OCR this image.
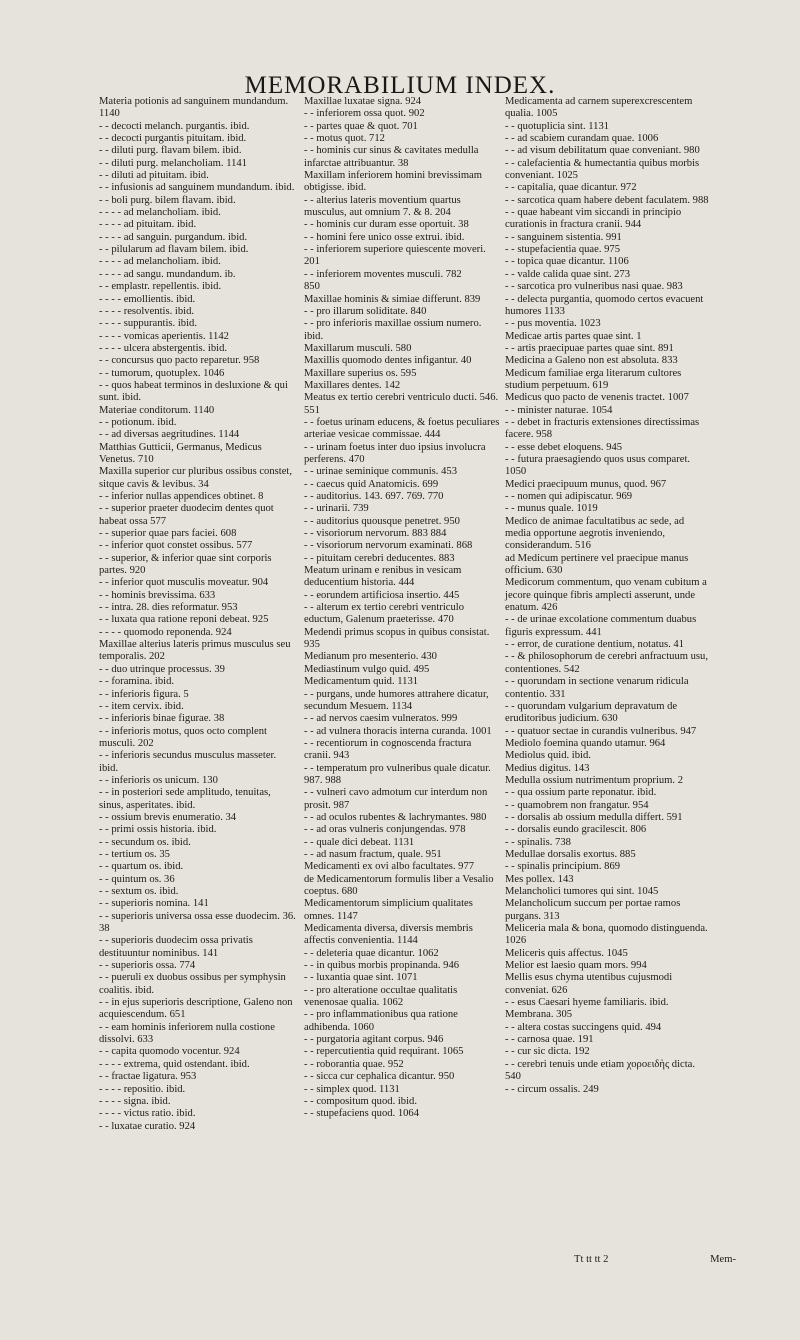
MEMORABILIUM INDEX.
Materia potionis ad sanguinem mundandum. 1140
- - decocti melanch. purgantis. ibid.
- - decocti purgantis pituitam. ibid.
- - diluti purg. flavam bilem. ibid.
- - diluti purg. melancholiam. 1141
- - diluti ad pituitam. ibid.
- - infusionis ad sanguinem mundandum. ibid.
- - boli purg. bilem flavam. ibid.
- - - - ad melancholiam. ibid.
- - - - ad pituitam. ibid.
- - - - ad sanguin. purgandum. ibid.
- - pilularum ad flavam bilem. ibid.
- - - - ad melancholiam. ibid.
- - - - ad sangu. mundandum. ib.
- - emplastr. repellentis. ibid.
- - - - emollientis. ibid.
- - - - resolventis. ibid.
- - - - suppurantis. ibid.
- - - - vomicas aperientis. 1142
- - - - ulcera abstergentis. ibid.
- - concursus quo pacto reparetur. 958
- - tumorum, quotuplex. 1046
- - quos habeat terminos in desluxione & qui sunt. ibid.
Materiae conditorum. 1140
- - potionum. ibid.
- - ad diversas aegritudines. 1144
Matthias Gutticii, Germanus, Medicus Venetus. 710
Maxilla superior cur pluribus ossibus constet, sitque cavis & levibus. 34
- - inferior nullas appendices obtinet. 8
- - superior praeter duodecim dentes quot habeat ossa 577
- - superior quae pars faciei. 608
- - inferior quot constet ossibus. 577
- - superior, & inferior quae sint corporis partes. 920
- - inferior quot musculis moveatur. 904
- - hominis brevissima. 633
- - intra. 28. dies reformatur. 953
- - luxata qua ratione reponi debeat. 925
- - - - quomodo reponenda. 924
Maxillae alterius lateris primus musculus seu temporalis. 202
- - duo utrinque processus. 39
- - foramina. ibid.
- - inferioris figura. 5
- - item cervix. ibid.
- - inferioris binae figurae. 38
- - inferioris motus, quos octo complent musculi. 202
- - inferioris secundus musculus masseter. ibid.
- - inferioris os unicum. 130
- - in posteriori sede amplitudo, tenuitas, sinus, asperitates. ibid.
- - ossium brevis enumeratio. 34
- - primi ossis historia. ibid.
- - secundum os. ibid.
- - tertium os. 35
- - quartum os. ibid.
- - quintum os. 36
- - sextum os. ibid.
- - superioris nomina. 141
- - superioris universa ossa esse duodecim. 36. 38
- - superioris duodecim ossa privatis destituuntur nominibus. 141
- - superioris ossa. 774
- - pueruli ex duobus ossibus per symphysin coalitis. ibid.
- - in ejus superioris descriptione, Galeno non acquiescendum. 651
- - eam hominis inferiorem nulla costione dissolvi. 633
- - capita quomodo vocentur. 924
- - - - extrema, quid ostendant. ibid.
- - fractae ligatura. 953
- - - - repositio. ibid.
- - - - signa. ibid.
- - - - victus ratio. ibid.
- - luxatae curatio. 924
Maxillae luxatae signa. 924
- - inferiorem ossa quot. 902
- - partes quae & quot. 701
- - motus quot. 712
- - hominis cur sinus & cavitates medulla infarctae attribuantur. 38
Maxillam inferiorem homini brevissimam obtigisse. ibid.
- - alterius lateris moventium quartus musculus, aut omnium 7. & 8. 204
- - hominis cur duram esse oportuit. 38
- - homini fere unico osse extrui. ibid.
- - inferiorem superiore quiescente moveri. 201
- - inferiorem moventes musculi. 782
850
Maxillae hominis & simiae differunt. 839
- - pro illarum soliditate. 840
- - pro inferioris maxillae ossium numero. ibid.
Maxillarum musculi. 580
Maxillis quomodo dentes infigantur. 40
Maxillare superius os. 595
Maxillares dentes. 142
Meatus ex tertio cerebri ventriculo ducti. 546. 551
- - foetus urinam educens, & foetus peculiares arteriae vesicae commissae. 444
- - urinam foetus inter duo ipsius involucra perferens. 470
- - urinae seminique communis. 453
- - caecus quid Anatomicis. 699
- - auditorius. 143. 697. 769. 770
- - urinarii. 739
- - auditorius quousque penetret. 950
- - visoriorum nervorum. 883 884
- - visoriorum nervorum examinati. 868
- - pituitam cerebri deducentes. 883
Meatum urinam e renibus in vesicam deducentium historia. 444
- - eorundem artificiosa insertio. 445
- - alterum ex tertio cerebri ventriculo eductum, Galenum praeterisse. 470
Medendi primus scopus in quibus consistat. 935
Medianum pro mesenterio. 430
Mediastinum vulgo quid. 495
Medicamentum quid. 1131
- - purgans, unde humores attrahere dicatur, secundum Mesuem. 1134
- - ad nervos caesim vulneratos. 999
- - ad vulnera thoracis interna curanda. 1001
- - recentiorum in cognoscenda fractura cranii. 943
- - temperatum pro vulneribus quale dicatur. 987. 988
- - vulneri cavo admotum cur interdum non prosit. 987
- - ad oculos rubentes & lachrymantes. 980
- - ad oras vulneris conjungendas. 978
- - quale dici debeat. 1131
- - ad nasum fractum, quale. 951
Medicamenti ex ovi albo facultates. 977
de Medicamentorum formulis liber a Vesalio coeptus. 680
Medicamentorum simplicium qualitates omnes. 1147
Medicamenta diversa, diversis membris affectis convenientia. 1144
- - deleteria quae dicantur. 1062
- - in quibus morbis propinanda. 946
- - luxantia quae sint. 1071
- - pro alteratione occultae qualitatis venenosae qualia. 1062
- - pro inflammationibus qua ratione adhibenda. 1060
- - purgatoria agitant corpus. 946
- - repercutientia quid requirant. 1065
- - roborantia quae. 952
- - sicca cur cephalica dicantur. 950
- - simplex quod. 1131
- - compositum quod. ibid.
- - stupefaciens quod. 1064
Medicamenta ad carnem superexcrescentem qualia. 1005
- - quotuplicia sint. 1131
- - ad scabiem curandam quae. 1006
- - ad visum debilitatum quae conveniant. 980
- - calefacientia & humectantia quibus morbis conveniant. 1025
- - capitalia, quae dicantur. 972
- - sarcotica quam habere debent faculatem. 988
- - quae habeant vim siccandi in principio curationis in fractura cranii. 944
- - sanguinem sistentia. 991
- - stupefacientia quae. 975
- - topica quae dicantur. 1106
- - valde calida quae sint. 273
- - sarcotica pro vulneribus nasi quae. 983
- - delecta purgantia, quomodo certos evacuent humores 1133
- - pus moventia. 1023
Medicae artis partes quae sint. 1
- - artis praecipuae partes quae sint. 891
Medicina a Galeno non est absoluta. 833
Medicum familiae erga literarum cultores studium perpetuum. 619
Medicus quo pacto de venenis tractet. 1007
- - minister naturae. 1054
- - debet in fracturis extensiones directissimas facere. 958
- - esse debet eloquens. 945
- - futura praesagiendo quos usus comparet. 1050
Medici praecipuum munus, quod. 967
- - nomen qui adipiscatur. 969
- - munus quale. 1019
Medico de animae facultatibus ac sede, ad media opportune aegrotis inveniendo, considerandum. 516
ad Medicum pertinere vel praecipue manus officium. 630
Medicorum commentum, quo venam cubitum a jecore quinque fibris amplecti asserunt, unde enatum. 426
- - de urinae excolatione commentum duabus figuris expressum. 441
- - error, de curatione dentium, notatus. 41
- - & philosophorum de cerebri anfractuum usu, contentiones. 542
- - quorundam in sectione venarum ridicula contentio. 331
- - quorundam vulgarium depravatum de eruditoribus judicium. 630
- - quatuor sectae in curandis vulneribus. 947
Mediolo foemina quando utamur. 964
Mediolus quid. ibid.
Medius digitus. 143
Medulla ossium nutrimentum proprium. 2
- - qua ossium parte reponatur. ibid.
- - quamobrem non frangatur. 954
- - dorsalis ab ossium medulla differt. 591
- - dorsalis eundo gracilescit. 806
- - spinalis. 738
Medullae dorsalis exortus. 885
- - spinalis principium. 869
Mes pollex. 143
Melancholici tumores qui sint. 1045
Melancholicum succum per portae ramos purgans. 313
Meliceria mala & bona, quomodo distinguenda. 1026
Meliceris quis affectus. 1045
Melior est laesio quam mors. 994
Mellis esus chyma utentibus cujusmodi conveniat. 626
- - esus Caesari hyeme familiaris. ibid.
Membrana. 305
- - altera costas succingens quid. 494
- - carnosa quae. 191
- - cur sic dicta. 192
- - cerebri tenuis unde etiam χοροειδὴς dicta. 540
- - circum ossalis. 249
Tt tt tt 2	Mem-
